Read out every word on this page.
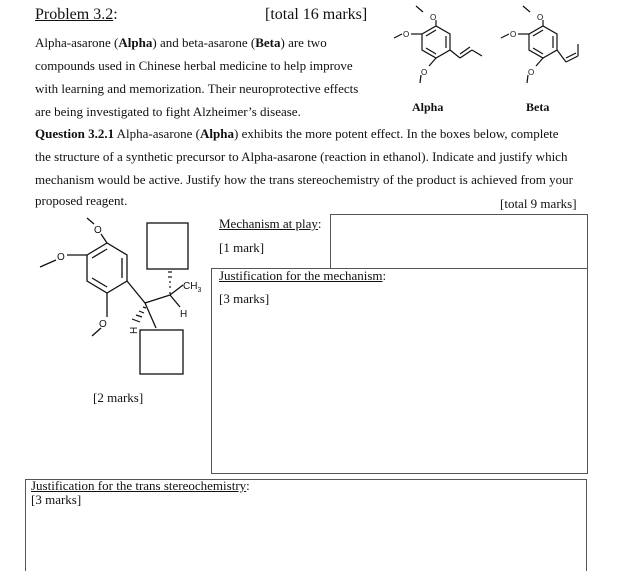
Problem 3.2:	[total 16 marks]
Alpha-asarone (Alpha) and beta-asarone (Beta) are two
compounds used in Chinese herbal medicine to help improve
with learning and memorization. Their neuroprotective effects
are being investigated to fight Alzheimer’s disease.
O
O
O
O
O
O
Alpha	Beta
Question 3.2.1 Alpha-asarone (Alpha) exhibits the more potent effect. In the boxes below, complete
the structure of a synthetic precursor to Alpha-asarone (reaction in ethanol). Indicate and justify which
mechanism would be active. Justify how the trans stereochemistry of the product is achieved from your
proposed reagent.	[total 9 marks]
Mechanism at play:
[1 mark]
Justification for the mechanism:
[3 marks]
[2 marks]
Justification for the trans stereochemistry:
[3 marks]
O
O
O
$CH_3$
H
H
